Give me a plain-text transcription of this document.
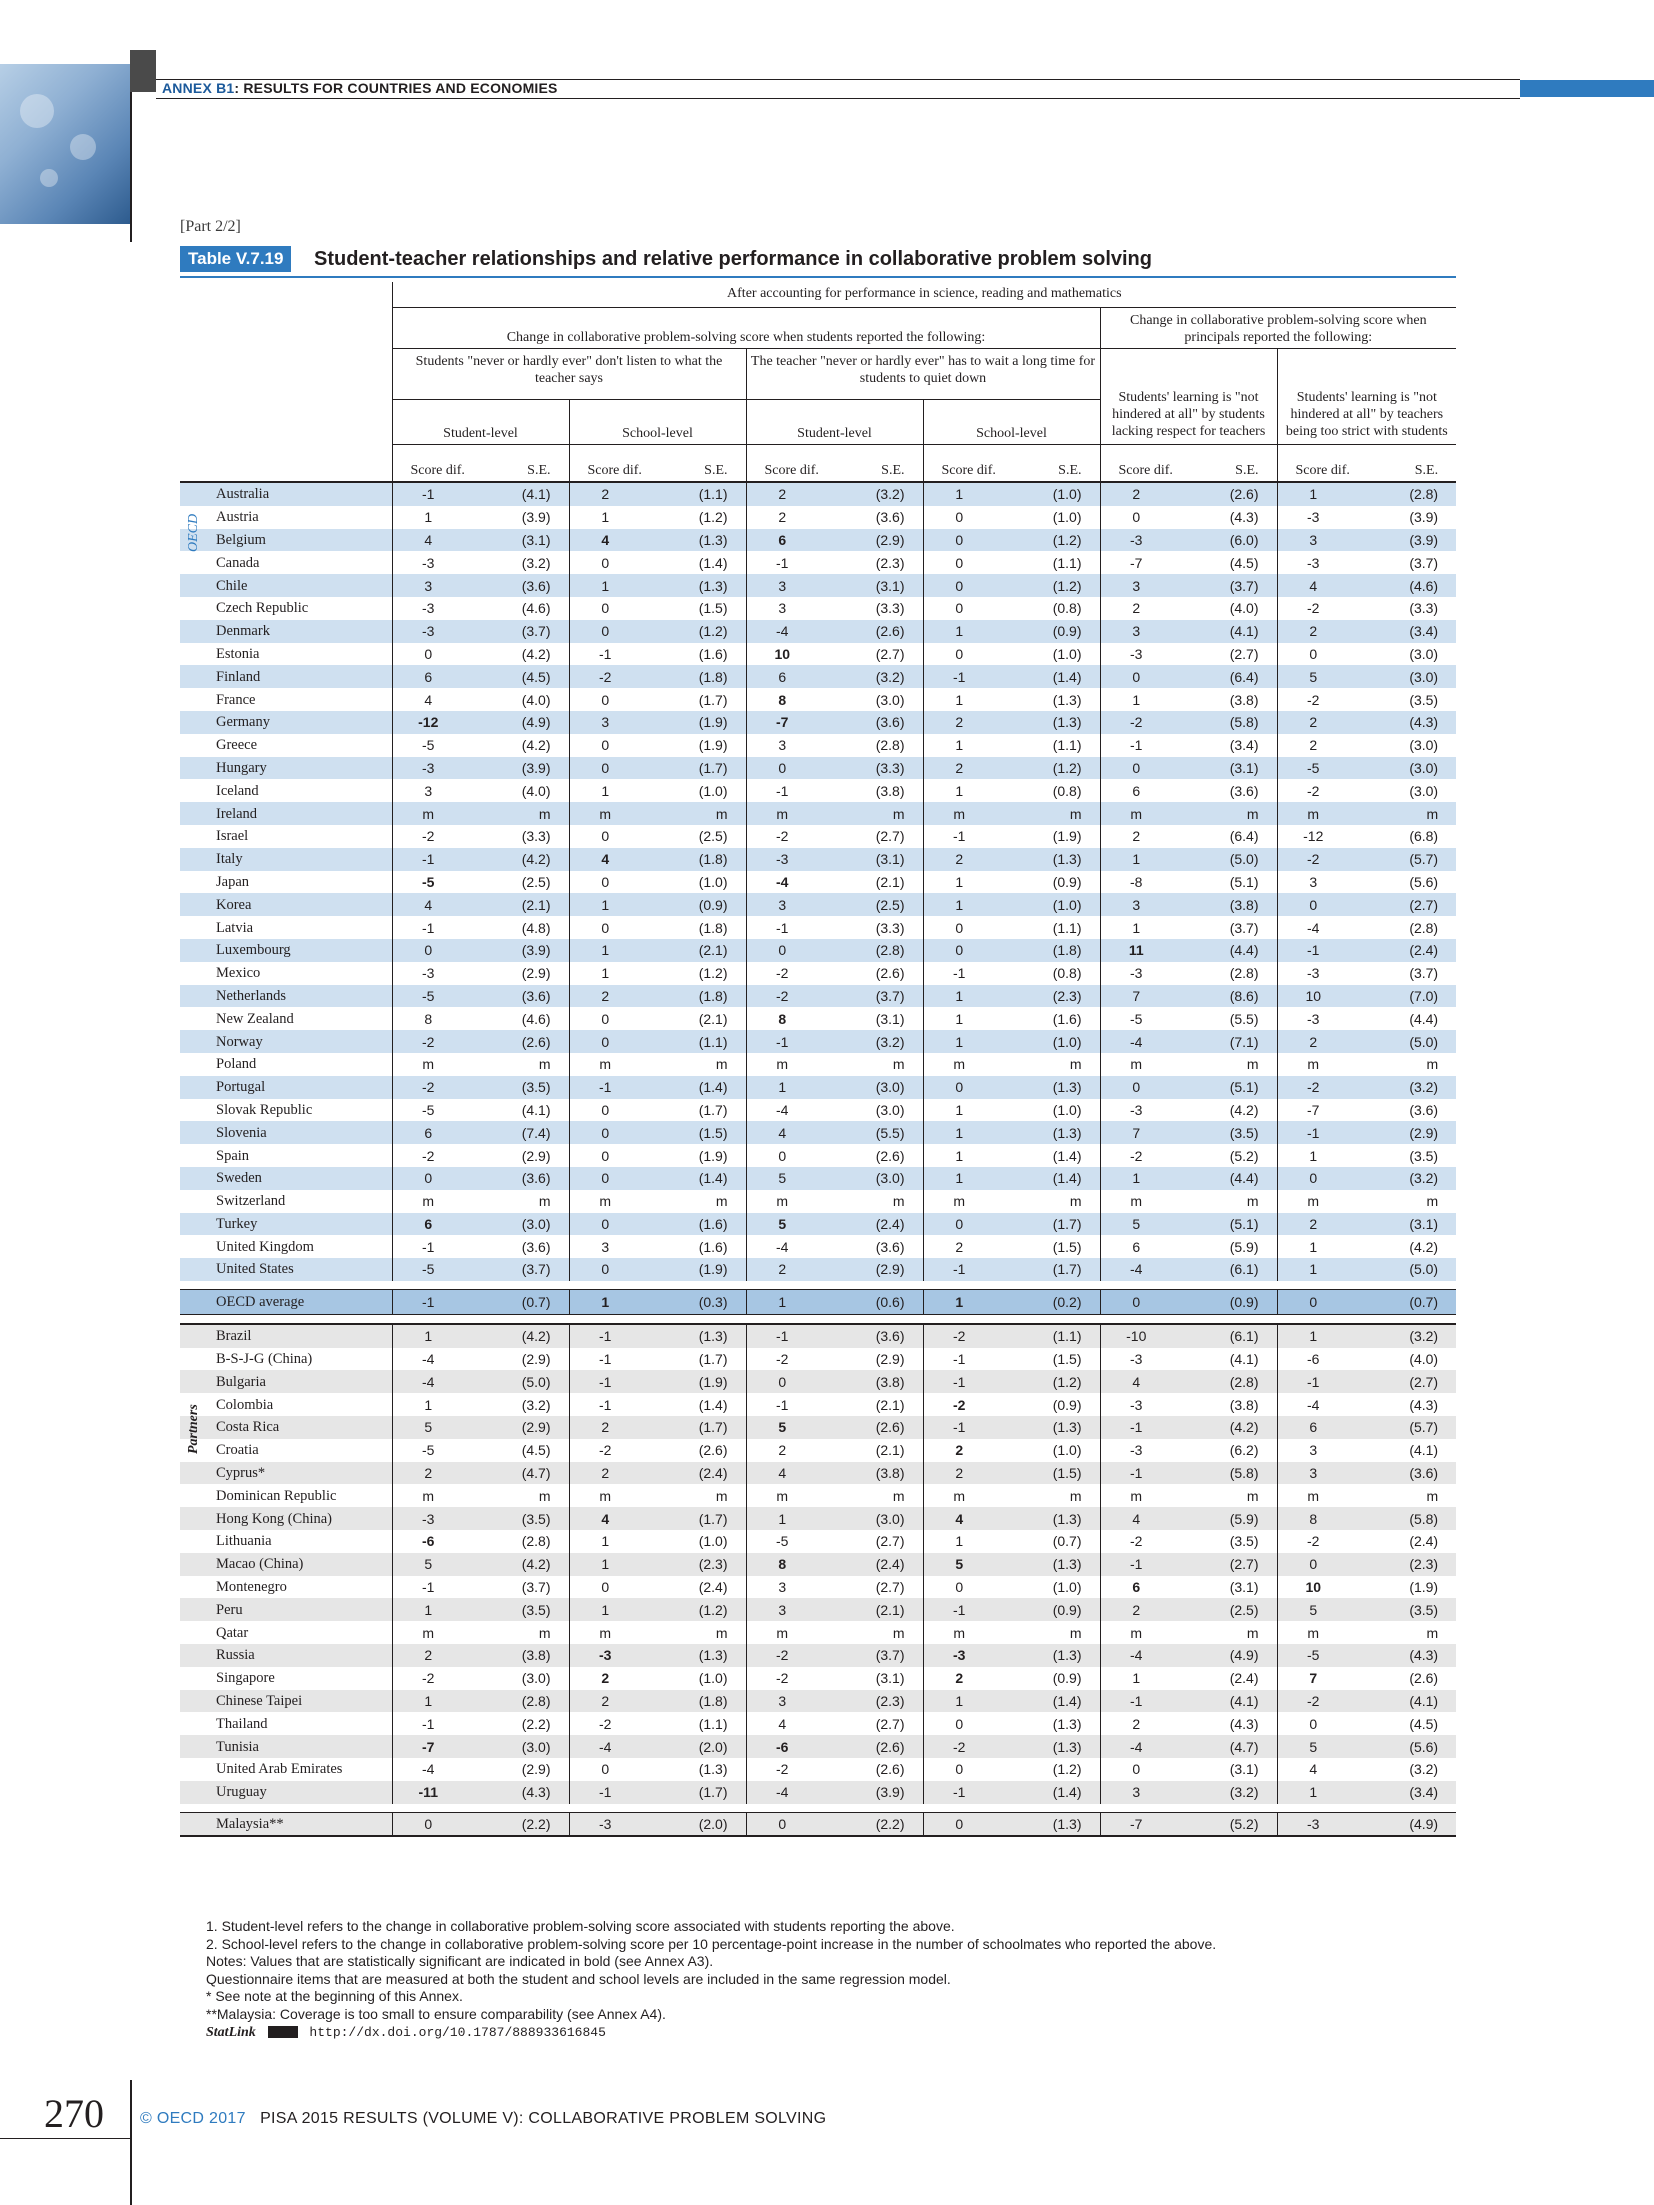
ANNEX B1: RESULTS FOR COUNTRIES AND ECONOMIES
[Part 2/2]
Table V.7.19	Student-teacher relationships and relative performance in collaborative problem solving
	After accounting for performance in science, reading and mathematics											
	Change in collaborative problem-solving score when students reported the following:								Change in collaborative problem-solving score when principals reported the following:			
	Students "never or hardly ever" don't listen to what the teacher says				The teacher "never or hardly ever" has to wait a long time for students to quiet down				Students' learning is "not hindered at all" by students lacking respect for teachers		Students' learning is "not hindered at all" by teachers being too strict with students	
	Student-level		School-level		Student-level		School-level					
	Score dif.	S.E.	Score dif.	S.E.	Score dif.	S.E.	Score dif.	S.E.	Score dif.	S.E.	Score dif.	S.E.
Australia	-1	(4.1)	2	(1.1)	2	(3.2)	1	(1.0)	2	(2.6)	1	(2.8)
Austria	1	(3.9)	1	(1.2)	2	(3.6)	0	(1.0)	0	(4.3)	-3	(3.9)
Belgium	4	(3.1)	4	(1.3)	6	(2.9)	0	(1.2)	-3	(6.0)	3	(3.9)
Canada	-3	(3.2)	0	(1.4)	-1	(2.3)	0	(1.1)	-7	(4.5)	-3	(3.7)
Chile	3	(3.6)	1	(1.3)	3	(3.1)	0	(1.2)	3	(3.7)	4	(4.6)
Czech Republic	-3	(4.6)	0	(1.5)	3	(3.3)	0	(0.8)	2	(4.0)	-2	(3.3)
Denmark	-3	(3.7)	0	(1.2)	-4	(2.6)	1	(0.9)	3	(4.1)	2	(3.4)
Estonia	0	(4.2)	-1	(1.6)	10	(2.7)	0	(1.0)	-3	(2.7)	0	(3.0)
Finland	6	(4.5)	-2	(1.8)	6	(3.2)	-1	(1.4)	0	(6.4)	5	(3.0)
France	4	(4.0)	0	(1.7)	8	(3.0)	1	(1.3)	1	(3.8)	-2	(3.5)
Germany	-12	(4.9)	3	(1.9)	-7	(3.6)	2	(1.3)	-2	(5.8)	2	(4.3)
Greece	-5	(4.2)	0	(1.9)	3	(2.8)	1	(1.1)	-1	(3.4)	2	(3.0)
Hungary	-3	(3.9)	0	(1.7)	0	(3.3)	2	(1.2)	0	(3.1)	-5	(3.0)
Iceland	3	(4.0)	1	(1.0)	-1	(3.8)	1	(0.8)	6	(3.6)	-2	(3.0)
Ireland	m	m	m	m	m	m	m	m	m	m	m	m
Israel	-2	(3.3)	0	(2.5)	-2	(2.7)	-1	(1.9)	2	(6.4)	-12	(6.8)
Italy	-1	(4.2)	4	(1.8)	-3	(3.1)	2	(1.3)	1	(5.0)	-2	(5.7)
Japan	-5	(2.5)	0	(1.0)	-4	(2.1)	1	(0.9)	-8	(5.1)	3	(5.6)
Korea	4	(2.1)	1	(0.9)	3	(2.5)	1	(1.0)	3	(3.8)	0	(2.7)
Latvia	-1	(4.8)	0	(1.8)	-1	(3.3)	0	(1.1)	1	(3.7)	-4	(2.8)
Luxembourg	0	(3.9)	1	(2.1)	0	(2.8)	0	(1.8)	11	(4.4)	-1	(2.4)
Mexico	-3	(2.9)	1	(1.2)	-2	(2.6)	-1	(0.8)	-3	(2.8)	-3	(3.7)
Netherlands	-5	(3.6)	2	(1.8)	-2	(3.7)	1	(2.3)	7	(8.6)	10	(7.0)
New Zealand	8	(4.6)	0	(2.1)	8	(3.1)	1	(1.6)	-5	(5.5)	-3	(4.4)
Norway	-2	(2.6)	0	(1.1)	-1	(3.2)	1	(1.0)	-4	(7.1)	2	(5.0)
Poland	m	m	m	m	m	m	m	m	m	m	m	m
Portugal	-2	(3.5)	-1	(1.4)	1	(3.0)	0	(1.3)	0	(5.1)	-2	(3.2)
Slovak Republic	-5	(4.1)	0	(1.7)	-4	(3.0)	1	(1.0)	-3	(4.2)	-7	(3.6)
Slovenia	6	(7.4)	0	(1.5)	4	(5.5)	1	(1.3)	7	(3.5)	-1	(2.9)
Spain	-2	(2.9)	0	(1.9)	0	(2.6)	1	(1.4)	-2	(5.2)	1	(3.5)
Sweden	0	(3.6)	0	(1.4)	5	(3.0)	1	(1.4)	1	(4.4)	0	(3.2)
Switzerland	m	m	m	m	m	m	m	m	m	m	m	m
Turkey	6	(3.0)	0	(1.6)	5	(2.4)	0	(1.7)	5	(5.1)	2	(3.1)
United Kingdom	-1	(3.6)	3	(1.6)	-4	(3.6)	2	(1.5)	6	(5.9)	1	(4.2)
United States	-5	(3.7)	0	(1.9)	2	(2.9)	-1	(1.7)	-4	(6.1)	1	(5.0)

OECD average	-1	(0.7)	1	(0.3)	1	(0.6)	1	(0.2)	0	(0.9)	0	(0.7)

Brazil	1	(4.2)	-1	(1.3)	-1	(3.6)	-2	(1.1)	-10	(6.1)	1	(3.2)
B-S-J-G (China)	-4	(2.9)	-1	(1.7)	-2	(2.9)	-1	(1.5)	-3	(4.1)	-6	(4.0)
Bulgaria	-4	(5.0)	-1	(1.9)	0	(3.8)	-1	(1.2)	4	(2.8)	-1	(2.7)
Colombia	1	(3.2)	-1	(1.4)	-1	(2.1)	-2	(0.9)	-3	(3.8)	-4	(4.3)
Costa Rica	5	(2.9)	2	(1.7)	5	(2.6)	-1	(1.3)	-1	(4.2)	6	(5.7)
Croatia	-5	(4.5)	-2	(2.6)	2	(2.1)	2	(1.0)	-3	(6.2)	3	(4.1)
Cyprus*	2	(4.7)	2	(2.4)	4	(3.8)	2	(1.5)	-1	(5.8)	3	(3.6)
Dominican Republic	m	m	m	m	m	m	m	m	m	m	m	m
Hong Kong (China)	-3	(3.5)	4	(1.7)	1	(3.0)	4	(1.3)	4	(5.9)	8	(5.8)
Lithuania	-6	(2.8)	1	(1.0)	-5	(2.7)	1	(0.7)	-2	(3.5)	-2	(2.4)
Macao (China)	5	(4.2)	1	(2.3)	8	(2.4)	5	(1.3)	-1	(2.7)	0	(2.3)
Montenegro	-1	(3.7)	0	(2.4)	3	(2.7)	0	(1.0)	6	(3.1)	10	(1.9)
Peru	1	(3.5)	1	(1.2)	3	(2.1)	-1	(0.9)	2	(2.5)	5	(3.5)
Qatar	m	m	m	m	m	m	m	m	m	m	m	m
Russia	2	(3.8)	-3	(1.3)	-2	(3.7)	-3	(1.3)	-4	(4.9)	-5	(4.3)
Singapore	-2	(3.0)	2	(1.0)	-2	(3.1)	2	(0.9)	1	(2.4)	7	(2.6)
Chinese Taipei	1	(2.8)	2	(1.8)	3	(2.3)	1	(1.4)	-1	(4.1)	-2	(4.1)
Thailand	-1	(2.2)	-2	(1.1)	4	(2.7)	0	(1.3)	2	(4.3)	0	(4.5)
Tunisia	-7	(3.0)	-4	(2.0)	-6	(2.6)	-2	(1.3)	-4	(4.7)	5	(5.6)
United Arab Emirates	-4	(2.9)	0	(1.3)	-2	(2.6)	0	(1.2)	0	(3.1)	4	(3.2)
Uruguay	-11	(4.3)	-1	(1.7)	-4	(3.9)	-1	(1.4)	3	(3.2)	1	(3.4)

Malaysia**	0	(2.2)	-3	(2.0)	0	(2.2)	0	(1.3)	-7	(5.2)	-3	(4.9)
OECD
Partners
1. Student-level refers to the change in collaborative problem-solving score associated with students reporting the above.
2. School-level refers to the change in collaborative problem-solving score per 10 percentage-point increase in the number of schoolmates who reported the above.
Notes: Values that are statistically significant are indicated in bold (see Annex A3).
Questionnaire items that are measured at both the student and school levels are included in the same regression model.
* See note at the beginning of this Annex.
**Malaysia: Coverage is too small to ensure comparability (see Annex A4).
StatLink	http://dx.doi.org/10.1787/888933616845
270 © OECD 2017 PISA 2015 RESULTS (VOLUME V): COLLABORATIVE PROBLEM SOLVING
